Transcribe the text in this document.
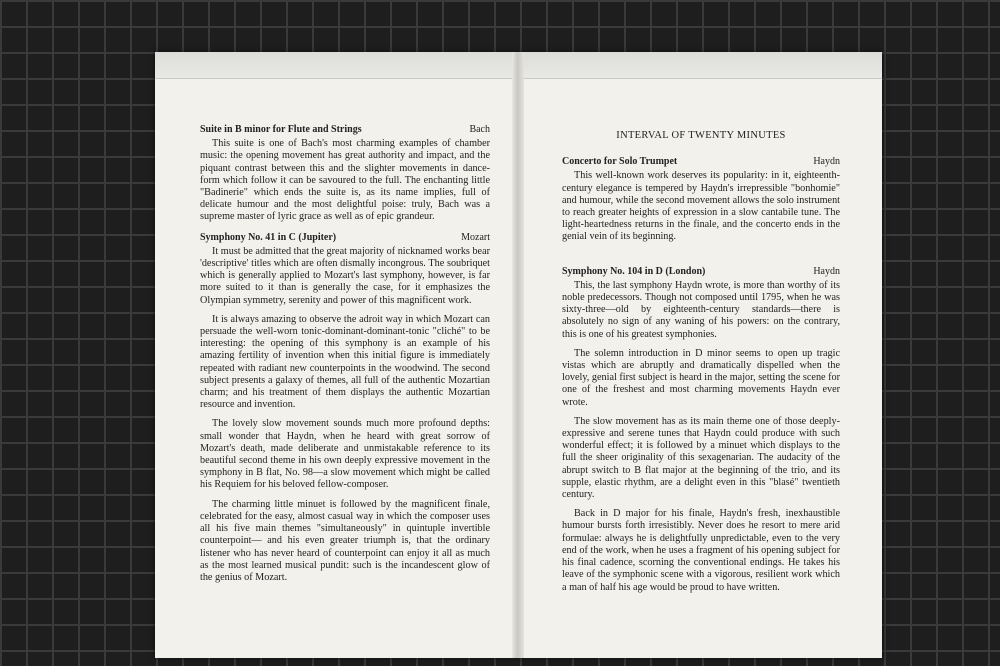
Suite in B minor for Flute and Strings	Bach

This suite is one of Bach's most charming examples of chamber music: the opening movement has great authority and impact, and the piquant contrast between this and the slighter movements in dance-form which follow it can be savoured to the full. The enchanting little "Badinerie" which ends the suite is, as its name implies, full of delicate humour and the most delightful poise: truly, Bach was a supreme master of lyric grace as well as of epic grandeur.

Symphony No. 41 in C (Jupiter)	Mozart

It must be admitted that the great majority of nicknamed works bear 'descriptive' titles which are often dismally incongrous. The soubriquet which is generally applied to Mozart's last symphony, however, is far more suited to it than is generally the case, for it emphasizes the Olympian symmetry, serenity and power of this magnificent work.

It is always amazing to observe the adroit way in which Mozart can persuade the well-worn tonic-dominant-dominant-tonic "cliché" to be interesting: the opening of this symphony is an example of his amazing fertility of invention when this initial figure is immediately repeated with radiant new counterpoints in the woodwind. The second subject presents a galaxy of themes, all full of the authentic Mozartian charm; and his treatment of them displays the authentic Mozartian resource and invention.

The lovely slow movement sounds much more profound depths: small wonder that Haydn, when he heard with great sorrow of Mozart's death, made deliberate and unmistakable reference to its beautiful second theme in his own deeply expressive movement in the symphony in B flat, No. 98—a slow movement which might be called his Requiem for his beloved fellow-composer.

The charming little minuet is followed by the magnificent finale, celebrated for the easy, almost casual way in which the composer uses all his five main themes "simultaneously" in quintuple invertible counterpoint— and his even greater triumph is, that the ordinary listener who has never heard of counterpoint can enjoy it all as much as the most learned musical pundit: such is the incandescent glow of the genius of Mozart.

INTERVAL OF TWENTY MINUTES
Concerto for Solo Trumpet	Haydn

This well-known work deserves its popularity: in it, eighteenth-century elegance is tempered by Haydn's irrepressible "bonhomie" and humour, while the second movement allows the solo instrument to reach greater heights of expression in a slow cantabile tune. The light-heartedness returns in the finale, and the concerto ends in the genial vein of its beginning.

Symphony No. 104 in D (London)	Haydn

This, the last symphony Haydn wrote, is more than worthy of its noble predecessors. Though not composed until 1795, when he was sixty-three—old by eighteenth-century standards—there is absolutely no sign of any waning of his powers: on the contrary, this is one of his greatest symphonies.

The solemn introduction in D minor seems to open up tragic vistas which are abruptly and dramatically dispelled when the lovely, genial first subject is heard in the major, setting the scene for one of the freshest and most charming movements Haydn ever wrote.

The slow movement has as its main theme one of those deeply-expressive and serene tunes that Haydn could produce with such wonderful effect; it is followed by a minuet which displays to the full the sheer originality of this sexagenarian. The audacity of the abrupt switch to B flat major at the beginning of the trio, and its supple, elastic rhythm, are a delight even in this "blasé" twentieth century.

Back in D major for his finale, Haydn's fresh, inexhaustible humour bursts forth irresistibly. Never does he resort to mere arid formulae: always he is delightfully unpredictable, even to the very end of the work, when he uses a fragment of his opening subject for his final cadence, scorning the conventional endings. He takes his leave of the symphonic scene with a vigorous, resilient work which a man of half his age would be proud to have written.
